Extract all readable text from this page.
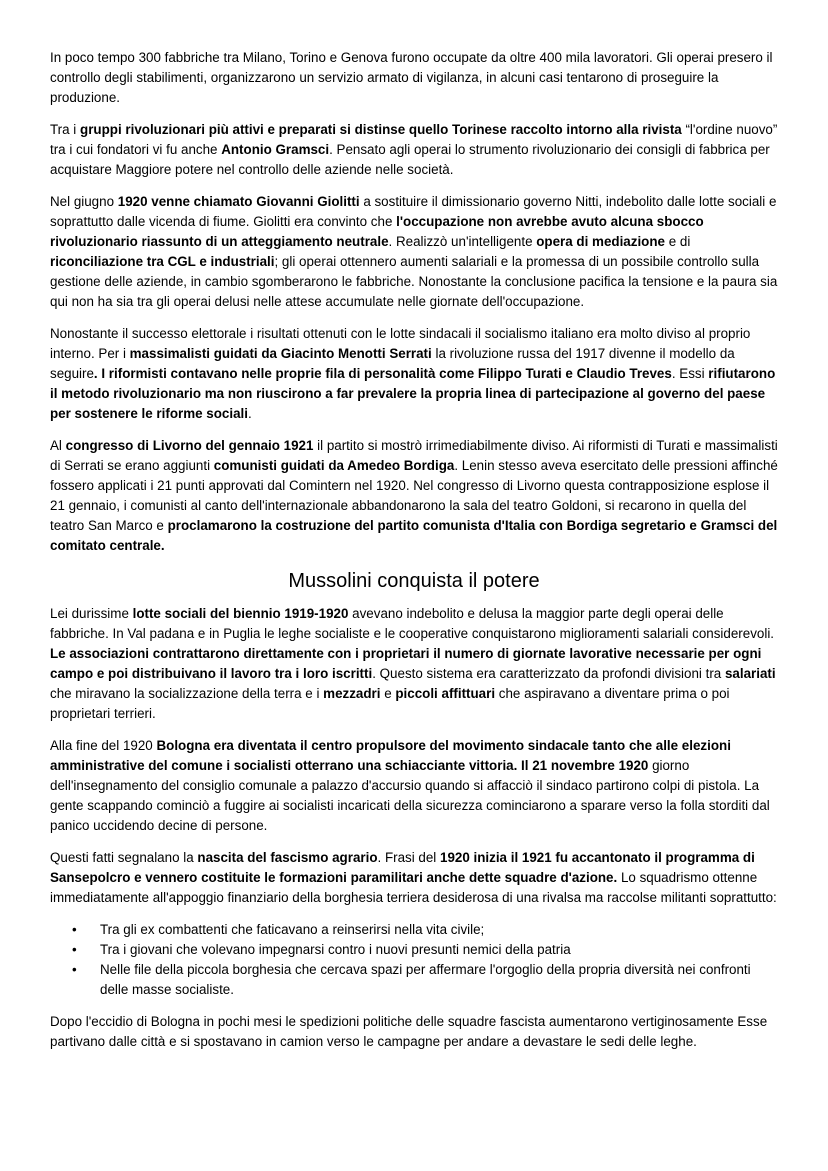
In poco tempo 300 fabbriche tra Milano, Torino e Genova furono occupate da oltre 400 mila lavoratori. Gli operai presero il controllo degli stabilimenti, organizzarono un servizio armato di vigilanza, in alcuni casi tentarono di proseguire la produzione.

Tra i gruppi rivoluzionari più attivi e preparati si distinse quello Torinese raccolto intorno alla rivista “l'ordine nuovo” tra i cui fondatori vi fu anche Antonio Gramsci. Pensato agli operai lo strumento rivoluzionario dei consigli di fabbrica per acquistare Maggiore potere nel controllo delle aziende nelle società.

Nel giugno 1920 venne chiamato Giovanni Giolitti a sostituire il dimissionario governo Nitti, indebolito dalle lotte sociali e soprattutto dalle vicenda di fiume. Giolitti era convinto che l'occupazione non avrebbe avuto alcuna sbocco rivoluzionario riassunto di un atteggiamento neutrale. Realizzò un'intelligente opera di mediazione e di riconciliazione tra CGL e industriali; gli operai ottennero aumenti salariali e la promessa di un possibile controllo sulla gestione delle aziende, in cambio sgomberarono le fabbriche. Nonostante la conclusione pacifica la tensione e la paura sia qui non ha sia tra gli operai delusi nelle attese accumulate nelle giornate dell'occupazione.

Nonostante il successo elettorale i risultati ottenuti con le lotte sindacali il socialismo italiano era molto diviso al proprio interno. Per i massimalisti guidati da Giacinto Menotti Serrati la rivoluzione russa del 1917 divenne il modello da seguire. I riformisti contavano nelle proprie fila di personalità come Filippo Turati e Claudio Treves. Essi rifiutarono il metodo rivoluzionario ma non riuscirono a far prevalere la propria linea di partecipazione al governo del paese per sostenere le riforme sociali.

Al congresso di Livorno del gennaio 1921 il partito si mostrò irrimediabilmente diviso. Ai riformisti di Turati e massimalisti di Serrati se erano aggiunti comunisti guidati da Amedeo Bordiga. Lenin stesso aveva esercitato delle pressioni affinché fossero applicati i 21 punti approvati dal Comintern nel 1920. Nel congresso di Livorno questa contrapposizione esplose il 21 gennaio, i comunisti al canto dell'internazionale abbandonarono la sala del teatro Goldoni, si recarono in quella del teatro San Marco e proclamarono la costruzione del partito comunista d'Italia con Bordiga segretario e Gramsci del comitato centrale.

Mussolini conquista il potere

Lei durissime lotte sociali del biennio 1919-1920 avevano indebolito e delusa la maggior parte degli operai delle fabbriche. In Val padana e in Puglia le leghe socialiste e le cooperative conquistarono miglioramenti salariali considerevoli. Le associazioni contrattarono direttamente con i proprietari il numero di giornate lavorative necessarie per ogni campo e poi distribuivano il lavoro tra i loro iscritti. Questo sistema era caratterizzato da profondi divisioni tra salariati che miravano la socializzazione della terra e i mezzadri e piccoli affittuari che aspiravano a diventare prima o poi proprietari terrieri.

Alla fine del 1920 Bologna era diventata il centro propulsore del movimento sindacale tanto che alle elezioni amministrative del comune i socialisti otterrano una schiacciante vittoria. Il 21 novembre 1920 giorno dell'insegnamento del consiglio comunale a palazzo d'accursio quando si affacciò il sindaco partirono colpi di pistola. La gente scappando cominciò a fuggire ai socialisti incaricati della sicurezza cominciarono a sparare verso la folla storditi dal panico uccidendo decine di persone.

Questi fatti segnalano la nascita del fascismo agrario. Frasi del 1920 inizia il 1921 fu accantonato il programma di Sansepolcro e vennero costituite le formazioni paramilitari anche dette squadre d'azione. Lo squadrismo ottenne immediatamente all'appoggio finanziario della borghesia terriera desiderosa di una rivalsa ma raccolse militanti soprattutto:

• Tra gli ex combattenti che faticavano a reinserirsi nella vita civile;
• Tra i giovani che volevano impegnarsi contro i nuovi presunti nemici della patria
• Nelle file della piccola borghesia che cercava spazi per affermare l'orgoglio della propria diversità nei confronti delle masse socialiste.

Dopo l'eccidio di Bologna in pochi mesi le spedizioni politiche delle squadre fascista aumentarono vertiginosamente Esse partivano dalle città e si spostavano in camion verso le campagne per andare a devastare le sedi delle leghe.
